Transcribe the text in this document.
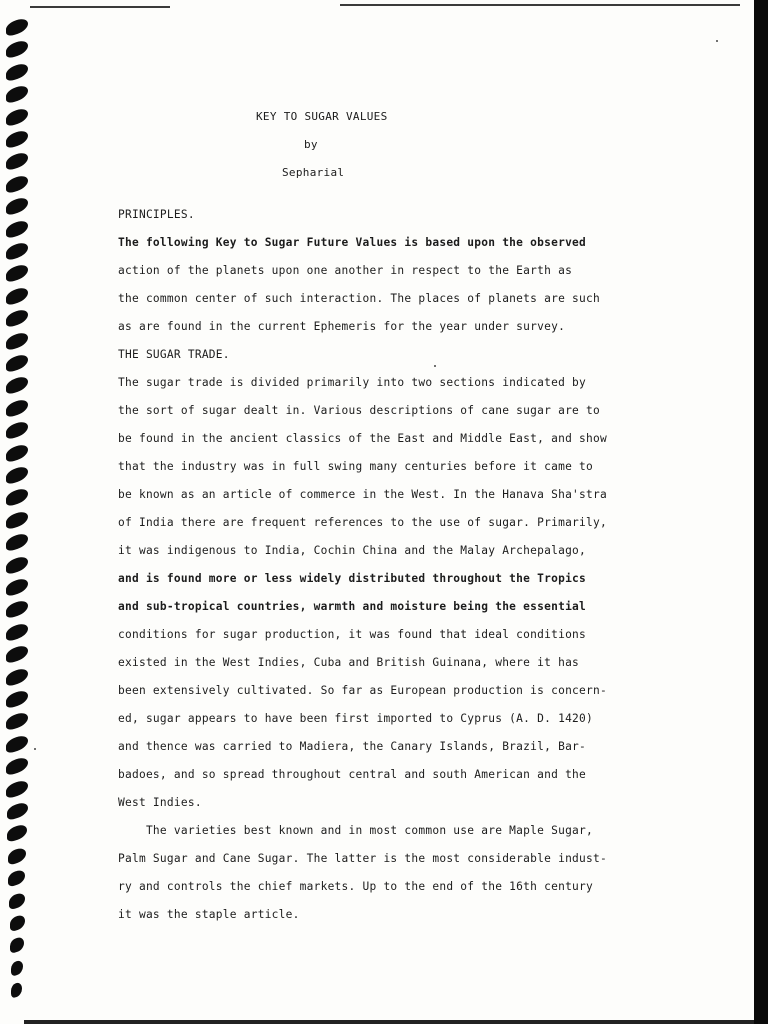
KEY TO SUGAR VALUES
by
Sepharial
PRINCIPLES.
The following Key to Sugar Future Values is based upon the observed
action of the planets upon one another in respect to the Earth as
the common center of such interaction. The places of planets are such
as are found in the current Ephemeris for the year under survey.
THE SUGAR TRADE.
The sugar trade is divided primarily into two sections indicated by
the sort of sugar dealt in. Various descriptions of cane sugar are to
be found in the ancient classics of the East and Middle East, and show
that the industry was in full swing many centuries before it came to
be known as an article of commerce in the West. In the Hanava Sha'stra
of India there are frequent references to the use of sugar. Primarily,
it was indigenous to India, Cochin China and the Malay Archepalago,
and is found more or less widely distributed throughout the Tropics
and sub-tropical countries, warmth and moisture being the essential
conditions for sugar production, it was found that ideal conditions
existed in the West Indies, Cuba and British Guinana, where it has
been extensively cultivated. So far as European production is concern-
ed, sugar appears to have been first imported to Cyprus (A. D. 1420)
and thence was carried to Madiera, the Canary Islands, Brazil, Bar-
badoes, and so spread throughout central and south American and the
West Indies.
The varieties best known and in most common use are Maple Sugar,
Palm Sugar and Cane Sugar. The latter is the most considerable indust-
ry and controls the chief markets. Up to the end of the 16th century
it was the staple article.
